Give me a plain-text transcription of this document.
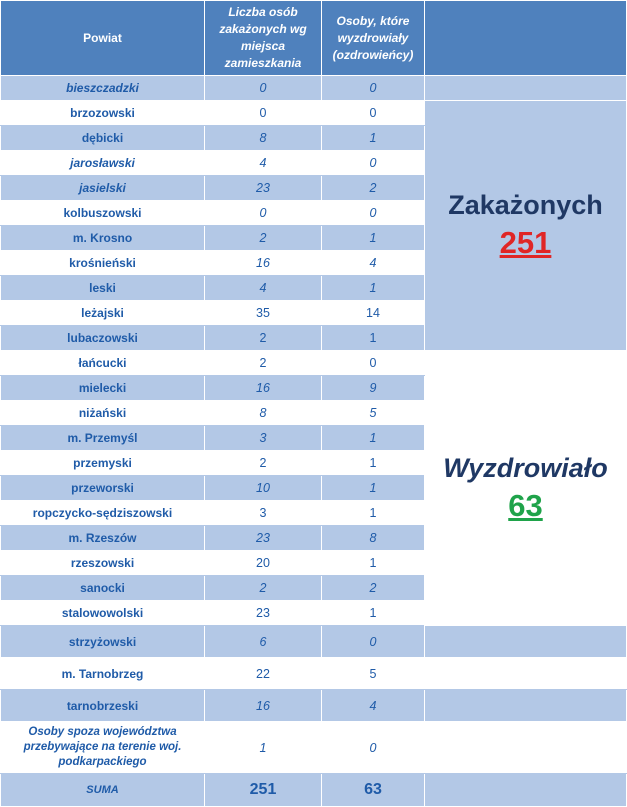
Powiat	Liczba osób zakażonych wg miejsca zamieszkania	Osoby, które wyzdrowiały (ozdrowieńcy)	
bieszczadzki	0	0	
brzozowski	0	0	Zakażonych
251

dębicki	8	1	
jarosławski	4	0	
jasielski	23	2	
kolbuszowski	0	0	
m. Krosno	2	1	
krośnieński	16	4	
leski	4	1	
leżajski	35	14	
lubaczowski	2	1	
łańcucki	2	0	Wyzdrowiało
63

mielecki	16	9	
niżański	8	5	
m. Przemyśl	3	1	
przemyski	2	1	
przeworski	10	1	
ropczycko-sędziszowski	3	1	
m. Rzeszów	23	8	
rzeszowski	20	1	
sanocki	2	2	
stalowowolski	23	1	
strzyżowski	6	0	
m. Tarnobrzeg	22	5	
tarnobrzeski	16	4	
Osoby spoza województwa przebywające na terenie woj. podkarpackiego	1	0	
SUMA	251	63	
